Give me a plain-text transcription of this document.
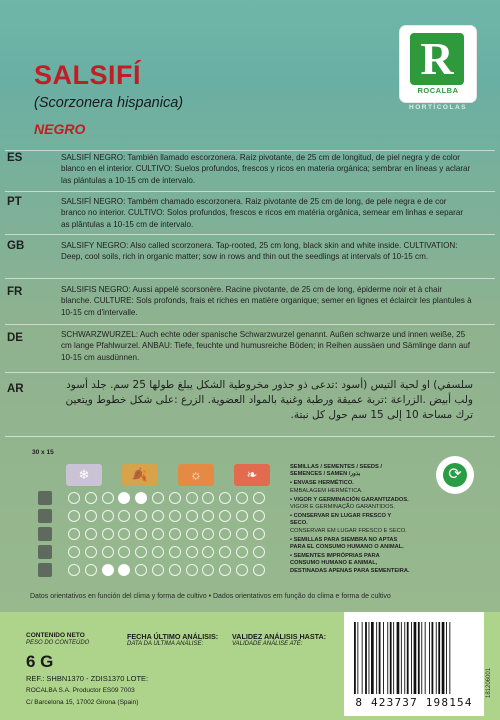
SALSIFÍ
(Scorzonera hispanica)
NEGRO
R
ROCALBA
HORTÍCOLAS
ES	SALSIFÍ NEGRO: También llamado escorzonera. Raíz pivotante, de 25 cm de longitud, de piel negra y de color blanco en el interior. CULTIVO: Suelos profundos, frescos y ricos en materia orgánica; sembrar en líneas y aclarar las plántulas a 10-15 cm de intervalo.
PT	SALSIFÍ NEGRO: Também chamado escorzonera. Raiz pivotante de 25 cm de long, de pele negra e de cor branco no interior. CULTIVO: Solos profundos, frescos e ricos em matéria orgânica, semear em linhas e separar as plântulas a 10-15 cm de intervalo.
GB	SALSIFY NEGRO: Also called scorzonera. Tap-rooted, 25 cm long, black skin and white inside. CULTIVATION: Deep, cool soils, rich in organic matter; sow in rows and thin out the seedlings at intervals of 10-15 cm.
FR	SALSIFIS NEGRO: Aussi appelé scorsonère. Racine pivotante, de 25 cm de long, épiderme noir et à chair blanche. CULTURE: Sols profonds, frais et riches en matière organique; semer en lignes et éclaircir les plantules à 10-15 cm d'intervalle.
DE	SCHWARZWURZEL: Auch echte oder spanische Schwarzwurzel genannt. Außen schwarze und innen weiße, 25 cm lange Pfahlwurzel. ANBAU: Tiefe, feuchte und humusreiche Böden; in Reihen aussäen und Sämlinge dann auf 10-15 cm ausdünnen.
AR	سلسفي) او لحية التيس (أسود :تدعى ذو جذور مخروطية الشكل يبلغ طولها 25 سم. جلد أسود ولب أبيض .الزراعة :تربة عميقة ورطبة وغنية بالمواد العضوية. الزرع :على شكل خطوط ويتعين ترك مساحة 10 إلى 15 سم حول كل نبتة.
30 x 15
❄	🍂	☼	❧	SEMILLAS / SEMENTES / SEEDS / SEMENCES / SAMEN /بذور
• ENVASE HERMÉTICO.
EMBALAGEM HERMÉTICA.
• VIGOR Y GERMINACIÓN GARANTIZADOS.
VIGOR E GERMINAÇÃO GARANTIDOS.
• CONSERVAR EN LUGAR FRESCO Y SECO.
CONSERVAR EM LUGAR FRESCO E SECO.
• SEMILLAS PARA SIEMBRA NO APTAS PARA EL CONSUMO HUMANO O ANIMAL.
• SEMENTES IMPRÓPRIAS PARA CONSUMO HUMANO E ANIMAL, DESTINADAS APENAS PARA SEMENTEIRA.
⟳
Datos orientativos en función del clima y forma de cultivo • Dados orientativos em função do clima e forma de cultivo
CONTENIDO NETO
PESO DO CONTEÚDO
6 G
REF.: SHBN1370 - ZDIS1370 LOTE:
ROCALBA S.A. Productor ES09 7003
C/ Barcelona 15, 17002 Girona (Spain)
FECHA ÚLTIMO ANÁLISIS:
DATA DA ÚLTIMA ANÁLISE:
VALIDEZ ANÁLISIS HASTA:
VALIDADE ANÁLISE ATÉ:
8 423737 198154
181206001
